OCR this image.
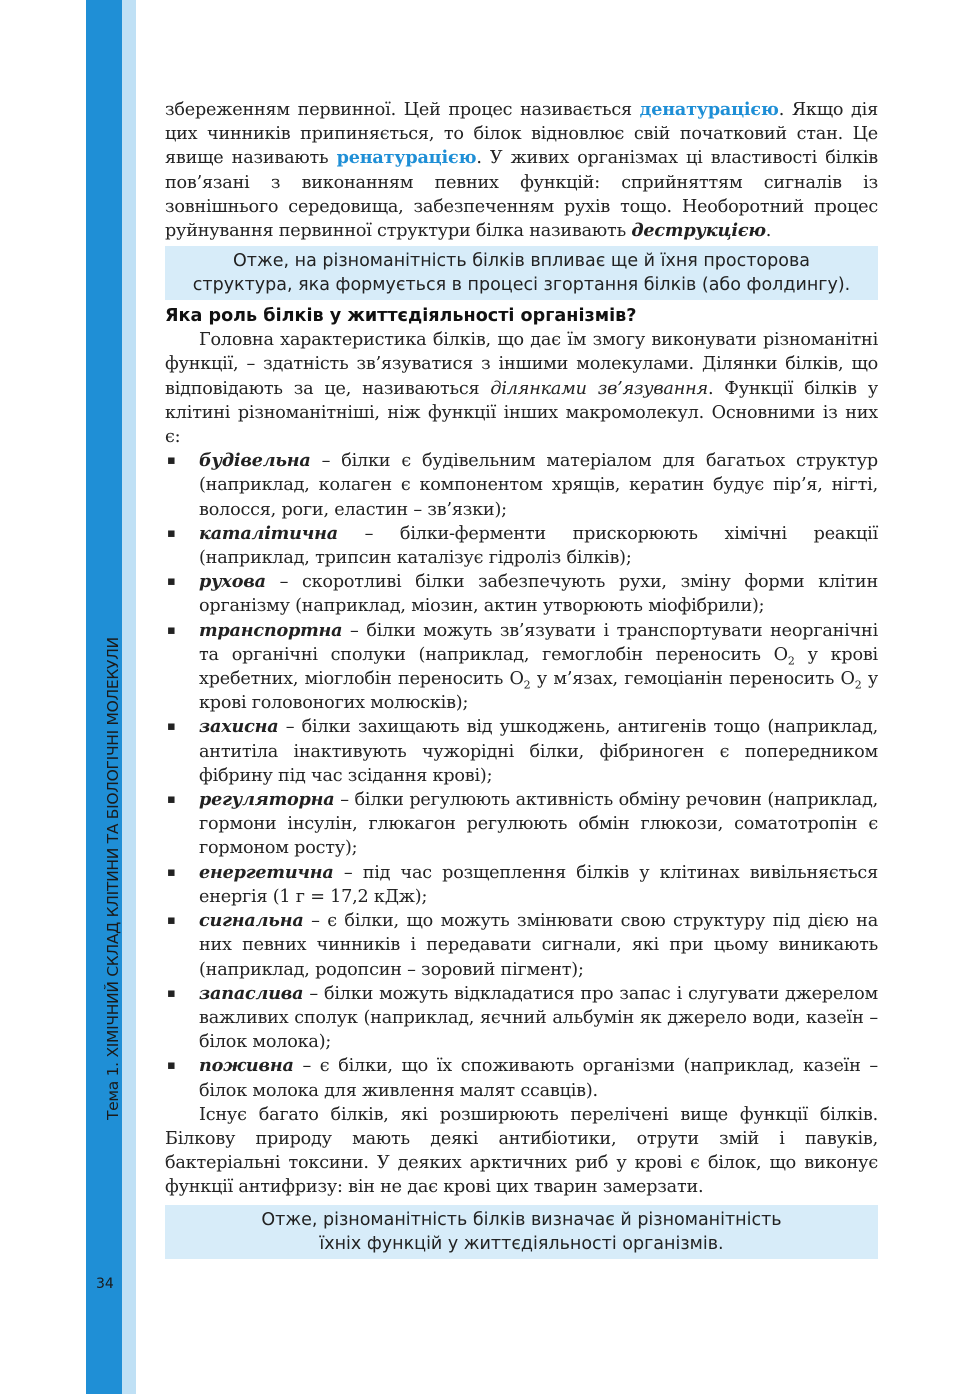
Тема 1. ХІМІЧНИЙ СКЛАД КЛІТИНИ ТА БІОЛОГІЧНІ МОЛЕКУЛИ
34

збереженням первинної. Цей процес називається денатурацією. Якщо дія цих чинників припиняється, то білок відновлює свій початковий стан. Це явище називають ренатурацією. У живих організмах ці властивості білків пов’язані з виконанням певних функцій: сприйняттям сигналів із зовнішнього середовища, забезпеченням рухів тощо. Необоротний процес руйнування первинної структури білка називають деструкцією.

Отже, на різноманітність білків впливає ще й їхня просторова
структура, яка формується в процесі згортання білків (або фолдингу).
Яка роль білків у життєдіяльності організмів?

Головна характеристика білків, що дає їм змогу виконувати різноманітні функції, – здатність зв’язуватися з іншими молекулами. Ділянки білків, що відповідають за це, називаються ділянками зв’язування. Функції білків у клітині різноманітніші, ніж функції інших макромолекул. Основними із них є:

▪ будівельна – білки є будівельним матеріалом для багатьох структур (наприклад, колаген є компонентом хрящів, кератин будує пір’я, нігті, волосся, роги, еластин – зв’язки);
▪ каталітична – білки-ферменти прискорюють хімічні реакції (наприклад, трипсин каталізує гідроліз білків);
▪ рухова – скоротливі білки забезпечують рухи, зміну форми клітин організму (наприклад, міозин, актин утворюють міофібрили);
▪ транспортна – білки можуть зв’язувати і транспортувати неорганічні та органічні сполуки (наприклад, гемоглобін переносить $O_2$ у крові хребетних, міоглобін переносить $O_2$ у м’язах, гемоціанін переносить $O_2$ у крові головоногих молюсків);
▪ захисна – білки захищають від ушкоджень, антигенів тощо (наприклад, антитіла інактивують чужорідні білки, фібриноген є попередником фібрину під час зсідання крові);
▪ регуляторна – білки регулюють активність обміну речовин (наприклад, гормони інсулін, глюкагон регулюють обмін глюкози, соматотропін є гормоном росту);
▪ енергетична – під час розщеплення білків у клітинах вивільняється енергія (1 г = 17,2 кДж);
▪ сигнальна – є білки, що можуть змінювати свою структуру під дією на них певних чинників і передавати сигнали, які при цьому виникають (наприклад, родопсин – зоровий пігмент);
▪ запаслива – білки можуть відкладатися про запас і слугувати джерелом важливих сполук (наприклад, яєчний альбумін як джерело води, казеїн – білок молока);
▪ поживна – є білки, що їх споживають організми (наприклад, казеїн – білок молока для живлення малят ссавців).

Існує багато білків, які розширюють перелічені вище функції білків. Білкову природу мають деякі антибіотики, отрути змій і павуків, бактеріальні токсини. У деяких арктичних риб у крові є білок, що виконує функції антифризу: він не дає крові цих тварин замерзати.

Отже, різноманітність білків визначає й різноманітність
їхніх функцій у життєдіяльності організмів.
